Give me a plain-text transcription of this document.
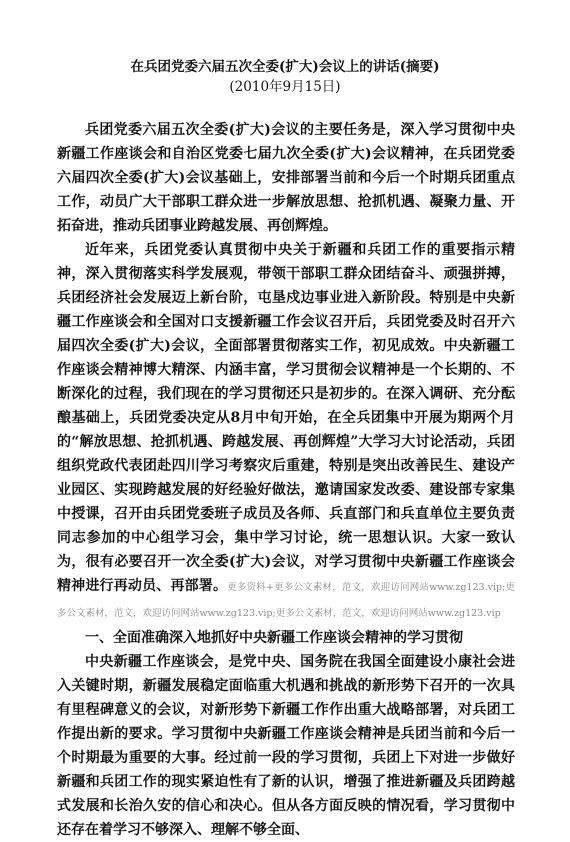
在兵团党委六届五次全委(扩大)会议上的讲话(摘要)
(2010年9月15日)

兵团党委六届五次全委(扩大)会议的主要任务是，深入学习贯彻中央新疆工作座谈会和自治区党委七届九次全委(扩大)会议精神，在兵团党委六届四次全委(扩大)会议基础上，安排部署当前和今后一个时期兵团重点工作，动员广大干部职工群众进一步解放思想、抢抓机遇、凝聚力量、开拓奋进，推动兵团事业跨越发展、再创辉煌。

近年来，兵团党委认真贯彻中央关于新疆和兵团工作的重要指示精神，深入贯彻落实科学发展观，带领干部职工群众团结奋斗、顽强拼搏，兵团经济社会发展迈上新台阶，屯垦戍边事业进入新阶段。特别是中央新疆工作座谈会和全国对口支援新疆工作会议召开后，兵团党委及时召开六届四次全委(扩大)会议，全面部署贯彻落实工作，初见成效。中央新疆工作座谈会精神博大精深、内涵丰富，学习贯彻会议精神是一个长期的、不断深化的过程，我们现在的学习贯彻还只是初步的。在深入调研、充分酝酿基础上，兵团党委决定从8月中旬开始，在全兵团集中开展为期两个月的“解放思想、抢抓机遇、跨越发展、再创辉煌”大学习大讨论活动，兵团组织党政代表团赴四川学习考察灾后重建，特别是突出改善民生、建设产业园区、实现跨越发展的好经验好做法，邀请国家发改委、建设部专家集中授课，召开由兵团党委班子成员及各师、兵直部门和兵直单位主要负责同志参加的中心组学习会，集中学习讨论，统一思想认识。大家一致认为，很有必要召开一次全委(扩大)会议，对学习贯彻中央新疆工作座谈会精神进行再动员、再部署。更多资料+更多公文素材，范文，欢迎访问网站www.zg123.vip;更多公文素材，范文，欢迎访问网站www.zg123.vip;更多公文素材，范文，欢迎访问网站www.zg123.vip

一、全面准确深入地抓好中央新疆工作座谈会精神的学习贯彻

中央新疆工作座谈会，是党中央、国务院在我国全面建设小康社会进入关键时期，新疆发展稳定面临重大机遇和挑战的新形势下召开的一次具有里程碑意义的会议，对新形势下新疆工作作出重大战略部署，对兵团工作提出新的要求。学习贯彻中央新疆工作座谈会精神是兵团当前和今后一个时期最为重要的大事。经过前一段的学习贯彻，兵团上下对进一步做好新疆和兵团工作的现实紧迫性有了新的认识，增强了推进新疆及兵团跨越式发展和长治久安的信心和决心。但从各方面反映的情况看，学习贯彻中还存在着学习不够深入、理解不够全面、
